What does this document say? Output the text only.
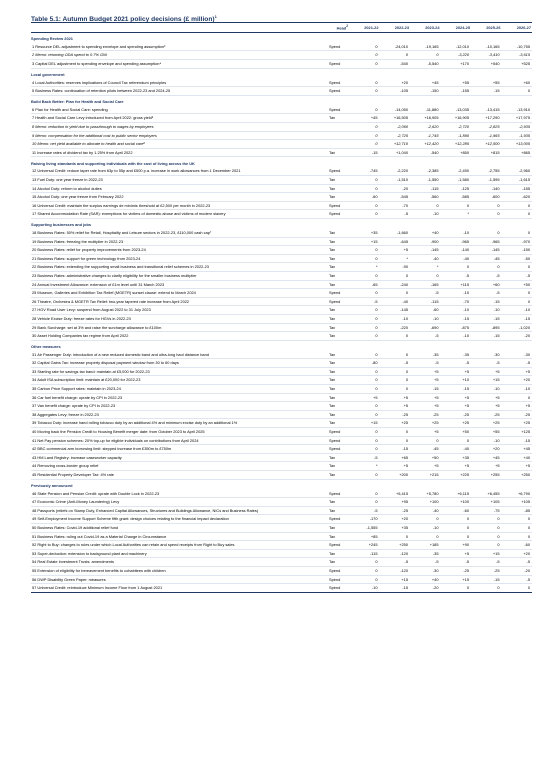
Table 5.1: Autumn Budget 2021 policy decisions (£ million)$^1$
	Head$^2$	2021-22	2022-23	2023-24	2024-25	2025-26	2026-27
Spending Review 2021							
1 Resource DEL adjustment to spending envelope and spending assumption³	Spend	0	-24,010	-19,165	-12,010	-10,165	-10,755
2 Memo: returning ODA spend to 0.7% GNI		0	0	0	-3,220	-3,410	-3,615
3 Capital DEL adjustment to spending envelope and spending assumption⁴	Spend	0	-540	-5,540	+170	+540	+525
Local government							
4 Local Authorities: reserves implications of Council Tax referendum principles	Spend	0	+20	+45	+55	+55	+60
5 Business Rates: continuation of retention pilots between 2022-23 and 2024-25	Spend	0	-105	-150	-155	-15	0
Build Back Better: Plan for Health and Social Care							
6 Plan for Health and Social Care: spending	Spend	0	-14,050	-11,880	-13,035	-13,415	-13,910
7 Health and Social Care Levy introduced from April 2022: gross yield⁵	Tax	+45	+16,505	+16,905	+16,905	+17,290	+17,975
8 Memo: reduction in yield due to passthrough to wages by employees		0	-2,060	-2,620	-2,720	-2,825	-2,935
9 Memo: compensation for the additional cost to public sector employers		0	-2,725	-1,745	-1,890	-1,965	-1,935
10 Memo: net yield available to allocate to health and social care⁶		0	+12,710	+12,420	+12,285	+12,500	+13,005
11 Increase rates of dividend tax by 1.25% from April 2022	Tax	-15	+1,040	-540	+850	+815	+865
Raising living standards and supporting individuals with the cost of living across the UK							
12 Universal Credit: reduce taper rate from 63p to 55p and £500 p.a. increase in work allowances from 1 December 2021	Spend	-745	-2,220	-2,385	-2,490	-2,755	-2,960
13 Fuel Duty: one year freeze in 2022-23	Tax	0	-1,510	-1,550	-1,580	-1,595	-1,615
14 Alcohol Duty: reform to alcohol duties	Tax	0	-20	-115	-125	-140	-155
15 Alcohol Duty: one year freeze from February 2022	Tax	-60	-545	-560	-585	-600	-620
16 Universal Credit: maintain the surplus earnings de minimis threshold at £2,500 per month in 2022-23	Spend	0	-70	0	0	0	0
17 Shared Accommodation Rate (SAR): exemptions for victims of domestic abuse and victims of modern slavery	Spend	0	-5	-10	*	0	0
Supporting businesses and jobs							
18 Business Rates: 50% relief for Retail, Hospitality and Leisure sectors in 2022-23, £110,000 cash cap⁷	Tax	+35	-1,660	+40	-10	0	0
19 Business Rates: freezing the multiplier in 2022-23	Tax	+15	-645	-900	-965	-965	-970
20 Business Rates: relief for property improvements from 2023-24	Tax	0	+5	-145	-140	-145	-150
21 Business Rates: support for green technology from 2023-24	Tax	0	*	-40	-40	-45	-50
22 Business Rates: extending the supporting small business and transitional relief schemes in 2022-23	Tax	*	-90	*	0	0	0
23 Business Rates: administrative changes to clarify eligibility for the smaller business multiplier	Tax	0	0	0	-5	-5	-5
24 Annual Investment Allowance: extension of £1m level until 31 March 2023	Tax	-65	-240	-165	+115	+60	+50
25 Museum, Galleries and Exhibition Tax Relief (MGETR) sunset clause: extend to March 2024	Spend	0	0	-5	-10	-5	0
26 Theatre, Orchestra & MGETR Tax Relief: two-year tapered rate increase from April 2022	Spend	-5	-40	-115	-70	-15	0
27 HGV Road User Levy: suspend from August 2022 to 31 July 2023	Tax	0	-145	-60	-10	-10	-10
28 Vehicle Excise Duty: freeze rates for HGVs in 2022-23	Tax	0	-10	-10	-15	-15	-15
29 Bank Surcharge: set at 3% and raise the surcharge allowance to £100m	Tax	0	-220	-690	-875	-895	-1,020
30 Asset Holding Companies tax regime from April 2022	Tax	0	0	-5	-10	-15	-20
Other measures							
31 Air Passenger Duty: introduction of a new reduced domestic band and ultra-long haul distance band	Tax	0	0	-35	-35	-30	-30
32 Capital Gains Tax: increase property disposal payment window from 30 to 60 days	Tax	-80	-5	-5	-5	-5	-5
33 Starting rate for savings tax band: maintain at £5,000 for 2022-23	Tax	0	0	+5	+5	+5	+5
34 Adult ISA subscription limit: maintain at £20,000 for 2022-23	Tax	0	0	+5	+10	+15	+20
35 Carbon Price Support rates: maintain in 2023-24	Tax	0	0	-15	-15	-10	-10
36 Car fuel benefit charge: uprate by CPI in 2022-23	Tax	+5	+5	+5	+5	+5	0
37 Van benefit charge: uprate by CPI in 2022-23	Tax	0	+5	+5	+5	+5	+5
38 Aggregates Levy: freeze in 2022-23	Tax	0	-25	-25	-25	-25	-25
39 Tobacco Duty: increase hand rolling tobacco duty by an additional 4% and minimum excise duty by an additional 1%	Tax	+15	+25	+25	+25	+25	+25
40 Moving back the Pension Credit to Housing Benefit merger date: from October 2023 to April 2025	Spend	0	0	+5	+50	+55	+125
41 Net Pay pension schemes: 20% top-up for eligible individuals on contributions from April 2024	Spend	0	0	0	0	-10	-15
42 BBC commercial arm borrowing limit: stepped increase from £350m to £750m	Spend	0	-15	-45	-40	+20	+45
43 HM Land Registry: increase caseworker capacity	Tax	-5	+65	+50	+35	+45	+40
44 Removing cross-border group relief	Tax	*	+5	+5	+5	+5	+5
45 Residential Property Developer Tax: 4% rate	Tax	0	+200	+215	+225	+255	+250
Previously announced							
46 State Pension and Pension Credit: uprate with Double Lock in 2022-23	Spend	0	+5,415	+5,780	+6,115	+6,455	+6,790
47 Economic Crime (Anti-Money Laundering) Levy	Tax	0	+95	+100	+100	+105	+105
48 Passports (reliefs on Stamp Duty, Enhanced Capital Allowances, Structures and Buildings Allowance, NICs and Business Rates)	Tax	-5	-25	-40	-60	-75	-85
49 Self-Employment Income Support Scheme fifth grant: design choices relating to the financial impact declaration	Spend	-170	+20	0	0	0	0
50 Business Rates: Covid-19 additional relief fund	Tax	-1,555	+35	-10	0	0	0
51 Business Rates: ruling out Covid-19 as a Material Change in Circumstance	Tax	+85	0	0	0	0	0
52 Right to Buy: changes to rules under which Local Authorities can retain and spend receipts from Right to Buy sales	Spend	+245	+250	+185	+90	0	-60
53 Super-deduction: extension to background plant and machinery	Tax	-115	-120	-35	+5	+15	+20
54 Real Estate Investment Trusts: amendments	Tax	0	-5	-5	-5	-5	-5
55 Extension of eligibility for bereavement benefits to cohabitees with children	Spend	0	-120	-30	-25	-25	-20
56 DWP Disability Green Paper: measures	Spend	0	+15	+40	+15	-15	-5
57 Universal Credit: reintroduce Minimum Income Floor from 1 August 2021	Spend	-10	-15	-20	0	0	0
